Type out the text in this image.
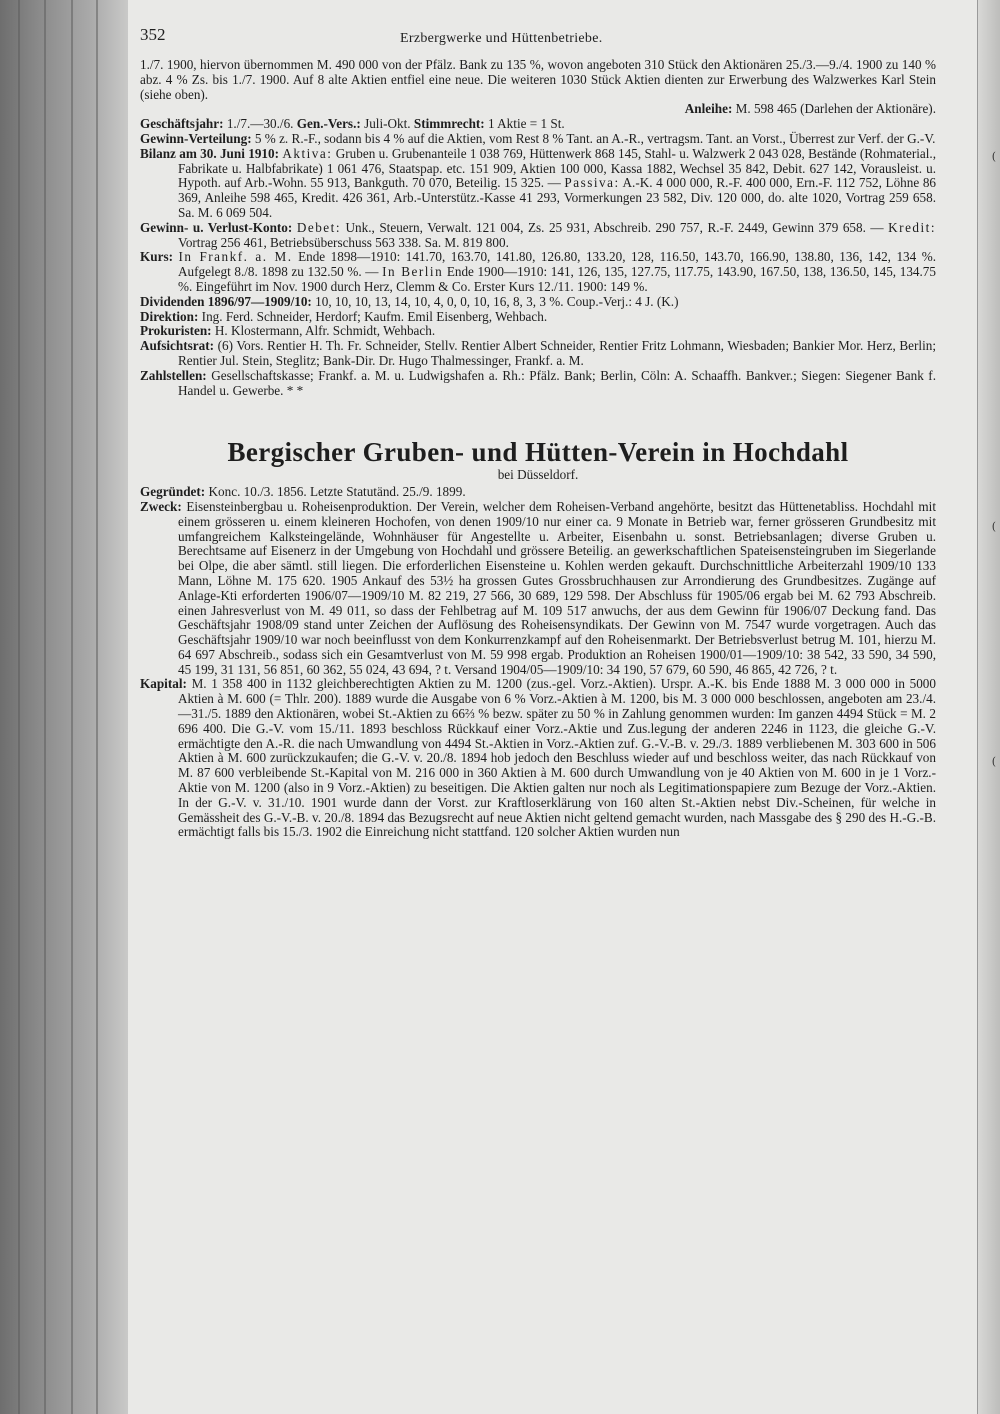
352	Erzbergwerke und Hüttenbetriebe.

1./7. 1900, hiervon übernommen M. 490 000 von der Pfälz. Bank zu 135 %, wovon angeboten 310 Stück den Aktionären 25./3.—9./4. 1900 zu 140 % abz. 4 % Zs. bis 1./7. 1900. Auf 8 alte Aktien entfiel eine neue. Die weiteren 1030 Stück Aktien dienten zur Erwerbung des Walzwerkes Karl Stein (siehe oben).

Anleihe: M. 598 465 (Darlehen der Aktionäre).

Geschäftsjahr: 1./7.—30./6. Gen.-Vers.: Juli-Okt. Stimmrecht: 1 Aktie = 1 St.

Gewinn-Verteilung: 5 % z. R.-F., sodann bis 4 % auf die Aktien, vom Rest 8 % Tant. an A.-R., vertragsm. Tant. an Vorst., Überrest zur Verf. der G.-V.

Bilanz am 30. Juni 1910: Aktiva: Gruben u. Grubenanteile 1 038 769, Hüttenwerk 868 145, Stahl- u. Walzwerk 2 043 028, Bestände (Rohmaterial., Fabrikate u. Halbfabrikate) 1 061 476, Staatspap. etc. 151 909, Aktien 100 000, Kassa 1882, Wechsel 35 842, Debit. 627 142, Vorausleist. u. Hypoth. auf Arb.-Wohn. 55 913, Bankguth. 70 070, Beteilig. 15 325. — Passiva: A.-K. 4 000 000, R.-F. 400 000, Ern.-F. 112 752, Löhne 86 369, Anleihe 598 465, Kredit. 426 361, Arb.-Unterstütz.-Kasse 41 293, Vormerkungen 23 582, Div. 120 000, do. alte 1020, Vortrag 259 658. Sa. M. 6 069 504.

Gewinn- u. Verlust-Konto: Debet: Unk., Steuern, Verwalt. 121 004, Zs. 25 931, Abschreib. 290 757, R.-F. 2449, Gewinn 379 658. — Kredit: Vortrag 256 461, Betriebsüberschuss 563 338. Sa. M. 819 800.

Kurs: In Frankf. a. M. Ende 1898—1910: 141.70, 163.70, 141.80, 126.80, 133.20, 128, 116.50, 143.70, 166.90, 138.80, 136, 142, 134 %. Aufgelegt 8./8. 1898 zu 132.50 %. — In Berlin Ende 1900—1910: 141, 126, 135, 127.75, 117.75, 143.90, 167.50, 138, 136.50, 145, 134.75 %. Eingeführt im Nov. 1900 durch Herz, Clemm & Co. Erster Kurs 12./11. 1900: 149 %.

Dividenden 1896/97—1909/10: 10, 10, 10, 13, 14, 10, 4, 0, 0, 10, 16, 8, 3, 3 %. Coup.-Verj.: 4 J. (K.)

Direktion: Ing. Ferd. Schneider, Herdorf; Kaufm. Emil Eisenberg, Wehbach.

Prokuristen: H. Klostermann, Alfr. Schmidt, Wehbach.

Aufsichtsrat: (6) Vors. Rentier H. Th. Fr. Schneider, Stellv. Rentier Albert Schneider, Rentier Fritz Lohmann, Wiesbaden; Bankier Mor. Herz, Berlin; Rentier Jul. Stein, Steglitz; Bank-Dir. Dr. Hugo Thalmessinger, Frankf. a. M.

Zahlstellen: Gesellschaftskasse; Frankf. a. M. u. Ludwigshafen a. Rh.: Pfälz. Bank; Berlin, Cöln: A. Schaaffh. Bankver.; Siegen: Siegener Bank f. Handel u. Gewerbe. * *

Bergischer Gruben- und Hütten-Verein in Hochdahl
bei Düsseldorf.

Gegründet: Konc. 10./3. 1856. Letzte Statutänd. 25./9. 1899.

Zweck: Eisensteinbergbau u. Roheisenproduktion. Der Verein, welcher dem Roheisen-Verband angehörte, besitzt das Hüttenetabliss. Hochdahl mit einem grösseren u. einem kleineren Hochofen, von denen 1909/10 nur einer ca. 9 Monate in Betrieb war, ferner grösseren Grundbesitz mit umfangreichem Kalksteingelände, Wohnhäuser für Angestellte u. Arbeiter, Eisenbahn u. sonst. Betriebsanlagen; diverse Gruben u. Berechtsame auf Eisenerz in der Umgebung von Hochdahl und grössere Beteilig. an gewerkschaftlichen Spateisensteingruben im Siegerlande bei Olpe, die aber sämtl. still liegen. Die erforderlichen Eisensteine u. Kohlen werden gekauft. Durchschnittliche Arbeiterzahl 1909/10 133 Mann, Löhne M. 175 620. 1905 Ankauf des 53½ ha grossen Gutes Grossbruchhausen zur Arrondierung des Grundbesitzes. Zugänge auf Anlage-Kti erforderten 1906/07—1909/10 M. 82 219, 27 566, 30 689, 129 598. Der Abschluss für 1905/06 ergab bei M. 62 793 Abschreib. einen Jahresverlust von M. 49 011, so dass der Fehlbetrag auf M. 109 517 anwuchs, der aus dem Gewinn für 1906/07 Deckung fand. Das Geschäftsjahr 1908/09 stand unter Zeichen der Auflösung des Roheisensyndikats. Der Gewinn von M. 7547 wurde vorgetragen. Auch das Geschäftsjahr 1909/10 war noch beeinflusst von dem Konkurrenzkampf auf den Roheisenmarkt. Der Betriebsverlust betrug M. 101, hierzu M. 64 697 Abschreib., sodass sich ein Gesamtverlust von M. 59 998 ergab. Produktion an Roheisen 1900/01—1909/10: 38 542, 33 590, 34 590, 45 199, 31 131, 56 851, 60 362, 55 024, 43 694, ? t. Versand 1904/05—1909/10: 34 190, 57 679, 60 590, 46 865, 42 726, ? t.

Kapital: M. 1 358 400 in 1132 gleichberechtigten Aktien zu M. 1200 (zus.-gel. Vorz.-Aktien). Urspr. A.-K. bis Ende 1888 M. 3 000 000 in 5000 Aktien à M. 600 (= Thlr. 200). 1889 wurde die Ausgabe von 6 % Vorz.-Aktien à M. 1200, bis M. 3 000 000 beschlossen, angeboten am 23./4.—31./5. 1889 den Aktionären, wobei St.-Aktien zu 66⅔ % bezw. später zu 50 % in Zahlung genommen wurden: Im ganzen 4494 Stück = M. 2 696 400. Die G.-V. vom 15./11. 1893 beschloss Rückkauf einer Vorz.-Aktie und Zus.legung der anderen 2246 in 1123, die gleiche G.-V. ermächtigte den A.-R. die nach Umwandlung von 4494 St.-Aktien in Vorz.-Aktien zuf. G.-V.-B. v. 29./3. 1889 verbliebenen M. 303 600 in 506 Aktien à M. 600 zurückzukaufen; die G.-V. v. 20./8. 1894 hob jedoch den Beschluss wieder auf und beschloss weiter, das nach Rückkauf von M. 87 600 verbleibende St.-Kapital von M. 216 000 in 360 Aktien à M. 600 durch Umwandlung von je 40 Aktien von M. 600 in je 1 Vorz.-Aktie von M. 1200 (also in 9 Vorz.-Aktien) zu beseitigen. Die Aktien galten nur noch als Legitimationspapiere zum Bezuge der Vorz.-Aktien. In der G.-V. v. 31./10. 1901 wurde dann der Vorst. zur Kraftloserklärung von 160 alten St.-Aktien nebst Div.-Scheinen, für welche in Gemässheit des G.-V.-B. v. 20./8. 1894 das Bezugsrecht auf neue Aktien nicht geltend gemacht wurden, nach Massgabe des § 290 des H.-G.-B. ermächtigt falls bis 15./3. 1902 die Einreichung nicht stattfand. 120 solcher Aktien wurden nun

(
(
(
